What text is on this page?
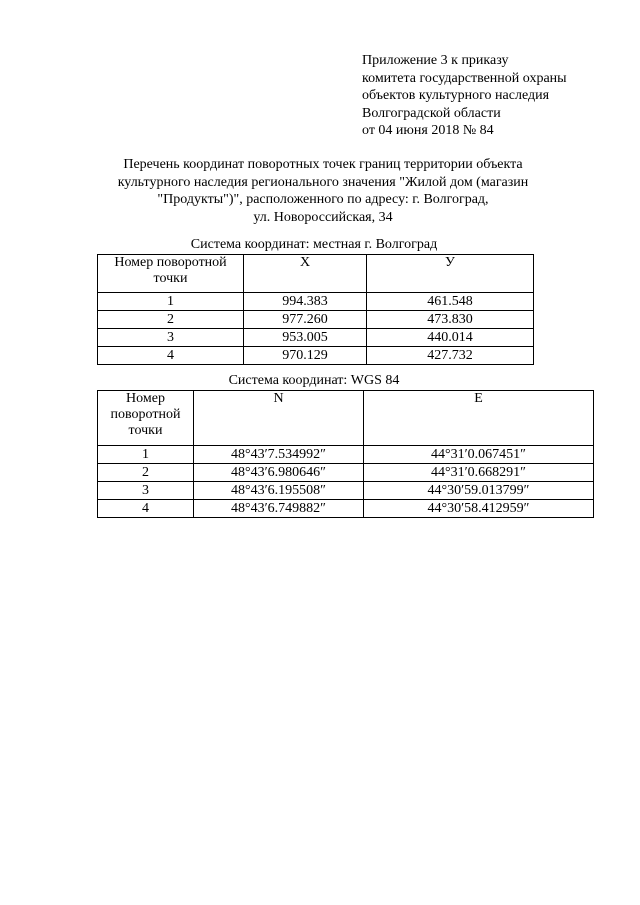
Приложение 3 к приказу
комитета государственной охраны
объектов культурного наследия
Волгоградской области
от 04 июня 2018 № 84
Перечень координат поворотных точек границ территории объекта
культурного наследия регионального значения "Жилой дом (магазин
"Продукты")", расположенного по адресу: г. Волгоград,
ул. Новороссийская, 34
Система координат: местная г. Волгоград
Номер поворотной точки	X	У
1	994.383	461.548
2	977.260	473.830
3	953.005	440.014
4	970.129	427.732
Система координат: WGS 84
Номер поворотной точки	N	E
1	48°43′7.534992″	44°31′0.067451″
2	48°43′6.980646″	44°31′0.668291″
3	48°43′6.195508″	44°30′59.013799″
4	48°43′6.749882″	44°30′58.412959″
